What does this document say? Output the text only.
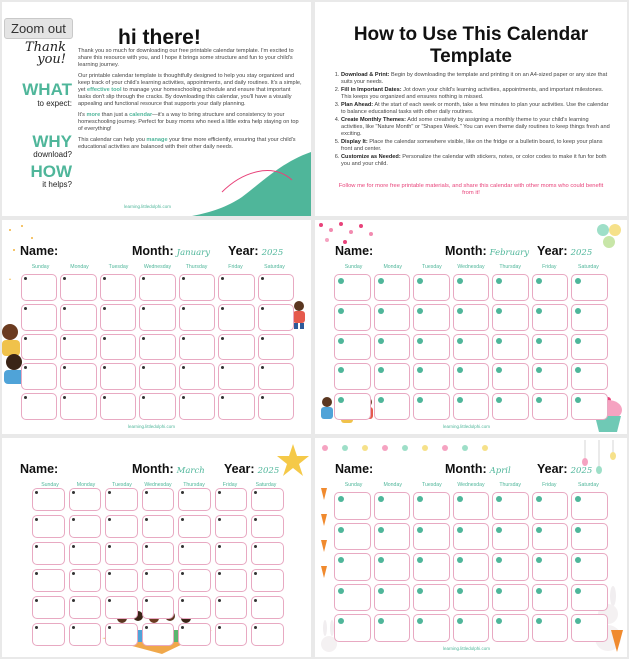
Zoom out
Thank you!
WHAT
to expect:
WHY
download?
HOW
it helps?
hi there!

Thank you so much for downloading our free printable calendar template. I'm excited to share this resource with you, and I hope it brings some structure and fun to your child's learning journey.

Our printable calendar template is thoughtfully designed to help you stay organized and keep track of your child's learning activities, appointments, and daily routines. It's a simple, yet effective tool to manage your homeschooling schedule and ensure that important tasks don't slip through the cracks. By downloading this calendar, you'll have a visually appealing and functional resource that supports your daily planning.

It's more than just a calendar—it's a way to bring structure and consistency to your homeschooling journey. Perfect for busy moms who need a little extra help staying on top of everything!

This calendar can help you manage your time more efficiently, ensuring that your child's educational activities are balanced with their other daily needs.

learning.littledolphi.com
How to Use This Calendar
Template
1. Download & Print: Begin by downloading the template and printing it on an A4-sized paper or any size that suits your needs.
2. Fill in Important Dates: Jot down your child's learning activities, appointments, and important milestones. This keeps you organized and ensures nothing is missed.
3. Plan Ahead: At the start of each week or month, take a few minutes to plan your activities. Use the calendar to balance educational tasks with other daily routines.
4. Create Monthly Themes: Add some creativity by assigning a monthly theme to your child's learning activities, like "Nature Month" or "Shapes Week." You can even theme daily routines to keep things fresh and exciting.
5. Display It: Place the calendar somewhere visible, like on the fridge or a bulletin board, to keep your plans front and center.
6. Customize as Needed: Personalize the calendar with stickers, notes, or color codes to make it fun for both you and your child.
Follow me for more free printable materials, and share this calendar with other moms who could benefit from it!
Name:	Month: January Year: 2025
Sunday	Monday	Tuesday	Wednesday	Thursday	Friday	Saturday
learning.littledolphi.com
Name:	Month: February Year: 2025
Sunday	Monday	Tuesday	Wednesday	Thursday	Friday	Saturday
learning.littledolphi.com
Name:	Month: March Year: 2025
Sunday	Monday	Tuesday	Wednesday	Thursday	Friday	Saturday
Name:	Month: April Year: 2025
Sunday	Monday	Tuesday	Wednesday	Thursday	Friday	Saturday
learning.littledolphi.com
